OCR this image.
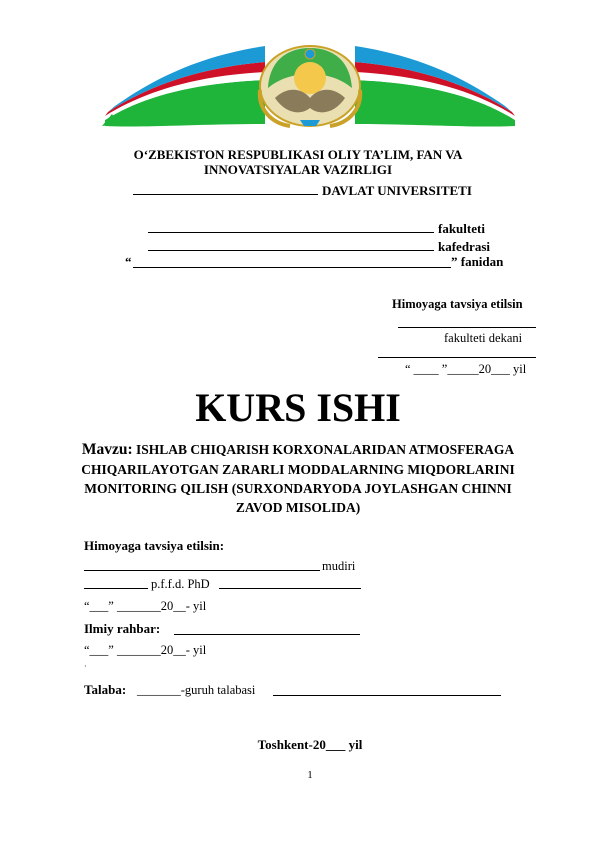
O‘ZBEKISTON RESPUBLIKASI OLIY TA’LIM, FAN VA
INNOVATSIYALAR VAZIRLIGI
DAVLAT UNIVERSITETI
fakulteti
kafedrasi
“	” fanidan
Himoyaga tavsiya etilsin
fakulteti dekani
“ ____ ”_____20___ yil
KURS ISHI
Mavzu: ISHLAB CHIQARISH KORXONALARIDAN ATMOSFERAGA
CHIQARILAYOTGAN ZARARLI MODDALARNING MIQDORLARINI
MONITORING QILISH (SURXONDARYODA JOYLASHGAN CHINNI
ZAVOD MISOLIDA)
Himoyaga tavsiya etilsin:
mudiri
p.f.f.d. PhD
“___” _______20__- yil
Ilmiy rahbar:
“___” _______20__- yil
·
Talaba: _______-guruh talabasi
Toshkent-20___ yil
1
